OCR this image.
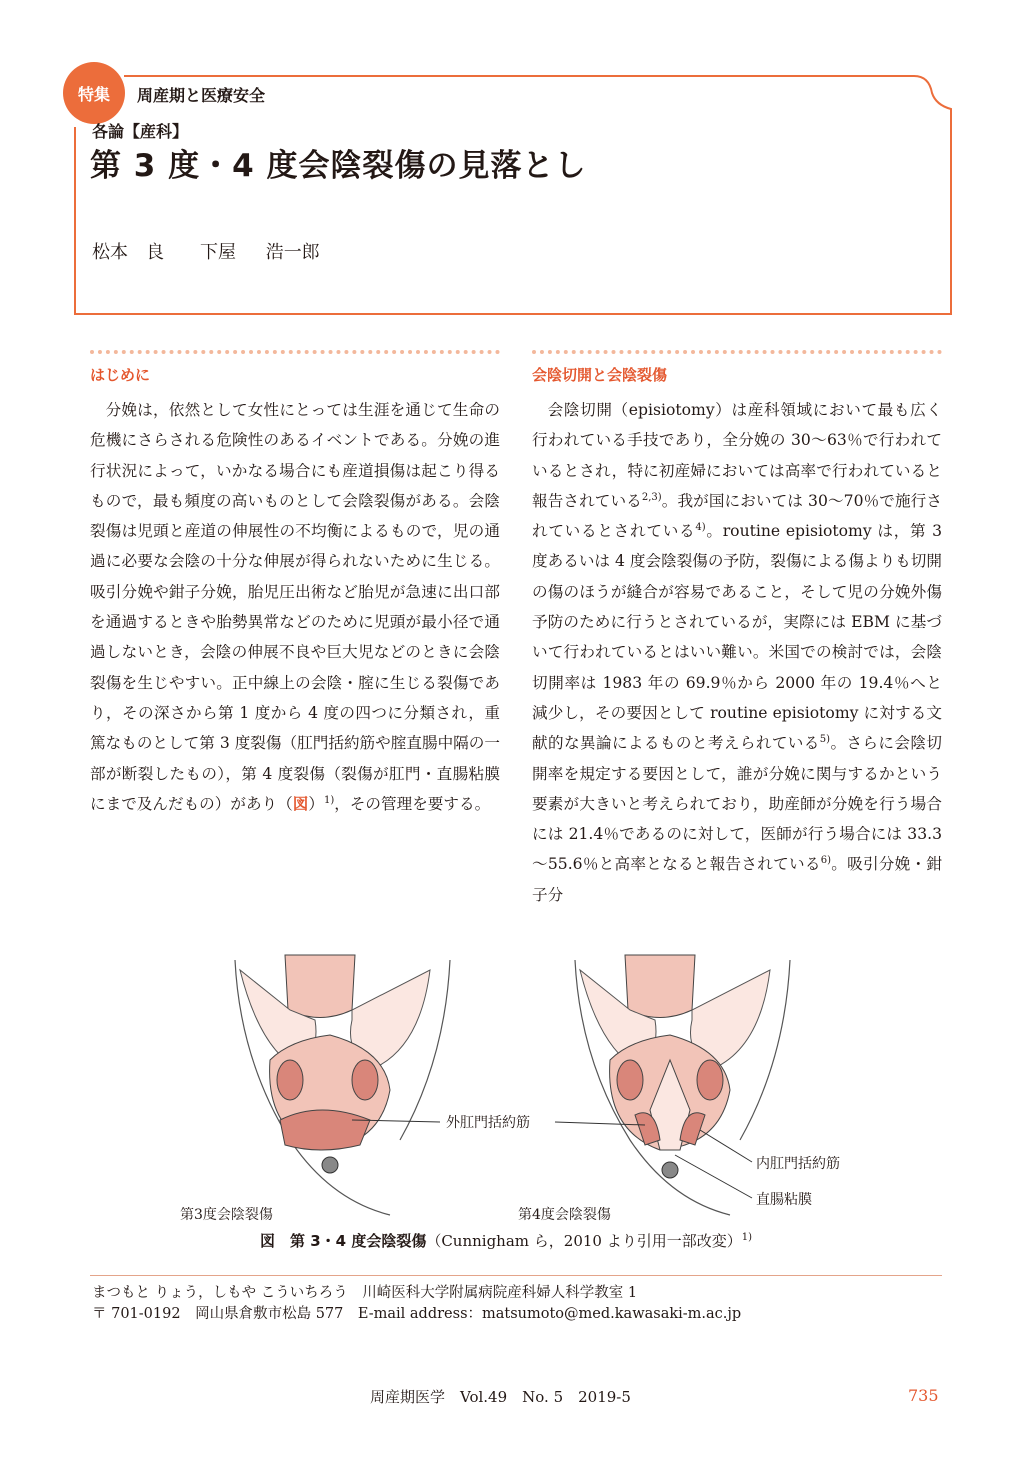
特集	周産期と医療安全
各論【産科】
第 3 度・4 度会陰裂傷の見落とし
松本　良　　下屋 浩一郎
はじめに

分娩は，依然として女性にとっては生涯を通じて生命の危機にさらされる危険性のあるイベントである。分娩の進行状況によって，いかなる場合にも産道損傷は起こり得るもので，最も頻度の高いものとして会陰裂傷がある。会陰裂傷は児頭と産道の伸展性の不均衡によるもので，児の通過に必要な会陰の十分な伸展が得られないために生じる。吸引分娩や鉗子分娩，胎児圧出術など胎児が急速に出口部を通過するときや胎勢異常などのために児頭が最小径で通過しないとき，会陰の伸展不良や巨大児などのときに会陰裂傷を生じやすい。正中線上の会陰・腟に生じる裂傷であり，その深さから第 1 度から 4 度の四つに分類され，重篤なものとして第 3 度裂傷（肛門括約筋や腟直腸中隔の一部が断裂したもの），第 4 度裂傷（裂傷が肛門・直腸粘膜にまで及んだもの）があり（図）$^{1)}$，その管理を要する。

会陰切開と会陰裂傷

会陰切開（episiotomy）は産科領域において最も広く行われている手技であり，全分娩の 30～63％で行われているとされ，特に初産婦においては高率で行われていると報告されている$^{2,3)}$。我が国においては 30～70％で施行されているとされている$^{4)}$。routine episiotomy は，第 3 度あるいは 4 度会陰裂傷の予防，裂傷による傷よりも切開の傷のほうが縫合が容易であること，そして児の分娩外傷予防のために行うとされているが，実際には EBM に基づいて行われているとはいい難い。米国での検討では，会陰切開率は 1983 年の 69.9％から 2000 年の 19.4％へと減少し，その要因として routine episiotomy に対する文献的な異論によるものと考えられている$^{5)}$。さらに会陰切開率を規定する要因として，誰が分娩に関与するかという要素が大きいと考えられており，助産師が分娩を行う場合には 21.4％であるのに対して，医師が行う場合には 33.3～55.6％と高率となると報告されている$^{6)}$。吸引分娩・鉗子分

外肛門括約筋
内肛門括約筋
直腸粘膜
第3度会陰裂傷	第4度会陰裂傷
図　第 3・4 度会陰裂傷（Cunnigham ら，2010 より引用一部改変）$^{1)}$
まつもと りょう，しもや こういちろう　川崎医科大学附属病院産科婦人科学教室 1
〒 701-0192　岡山県倉敷市松島 577　E-mail address：matsumoto@med.kawasaki-m.ac.jp
周産期医学　Vol.49　No. 5　2019-5	735
